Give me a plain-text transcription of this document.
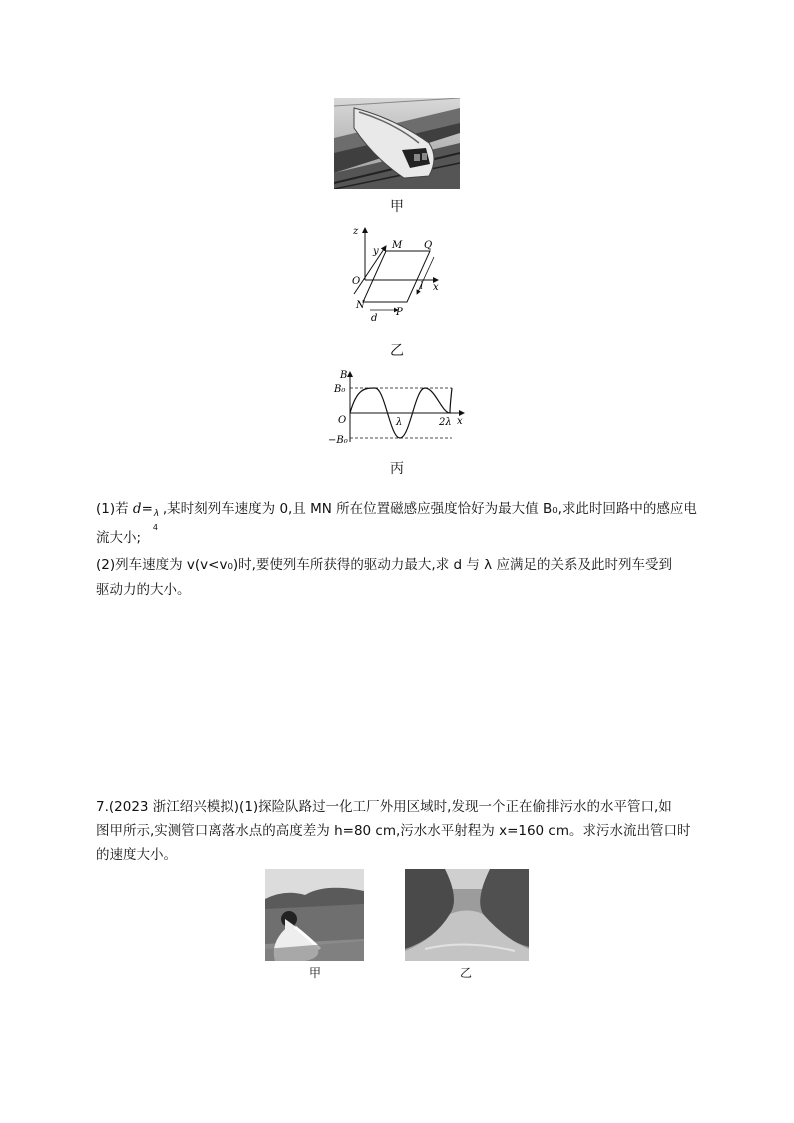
甲
z
y
M Q
O
x
l
N
P
d
乙
B
B₀
O
−B₀
λ	2λ x
丙
(1)若 d= λ
4
,某时刻列车速度为 0,且 MN 所在位置磁感应强度恰好为最大值 B₀,求此时回路中的感应电
流大小;
(2)列车速度为 v(v<v₀)时,要使列车所获得的驱动力最大,求 d 与 λ 应满足的关系及此时列车受到
驱动力的大小。
7.(2023 浙江绍兴模拟)(1)探险队路过一化工厂外用区域时,发现一个正在偷排污水的水平管口,如
图甲所示,实测管口离落水点的高度差为 h=80 cm,污水水平射程为 x=160 cm。求污水流出管口时
的速度大小。
甲	乙
